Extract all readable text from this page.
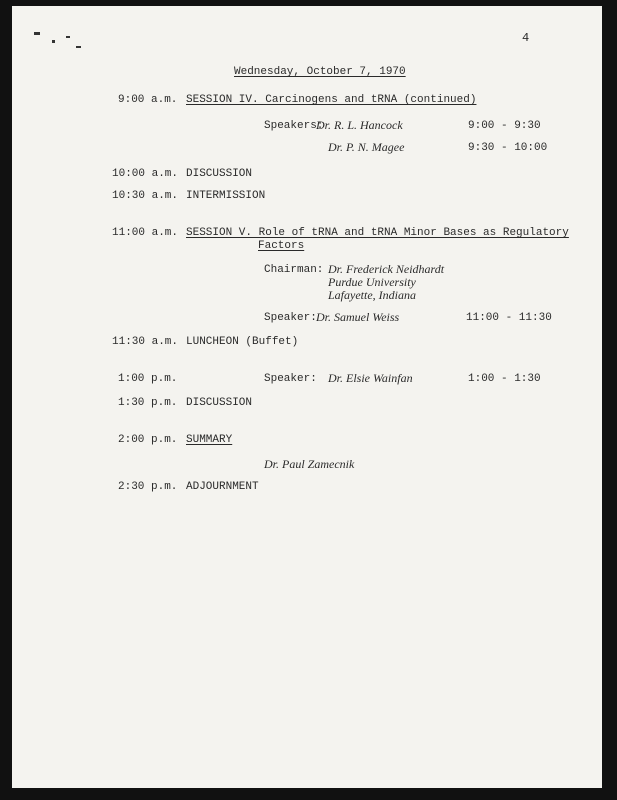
4
Wednesday, October 7, 1970
9:00 a.m. SESSION IV. Carcinogens and tRNA (continued)
Speakers:
Dr. R. L. Hancock	9:00 - 9:30
Dr. P. N. Magee	9:30 - 10:00
10:00 a.m. DISCUSSION
10:30 a.m. INTERMISSION
11:00 a.m. SESSION V. Role of tRNA and tRNA Minor Bases as Regulatory
Factors
Chairman: Dr. Frederick Neidhardt
Purdue University
Lafayette, Indiana
Speaker: Dr. Samuel Weiss	11:00 - 11:30
11:30 a.m. LUNCHEON (Buffet)
1:00 p.m.	Speaker: Dr. Elsie Wainfan	1:00 - 1:30
1:30 p.m. DISCUSSION
2:00 p.m. SUMMARY
Dr. Paul Zamecnik
2:30 p.m. ADJOURNMENT
